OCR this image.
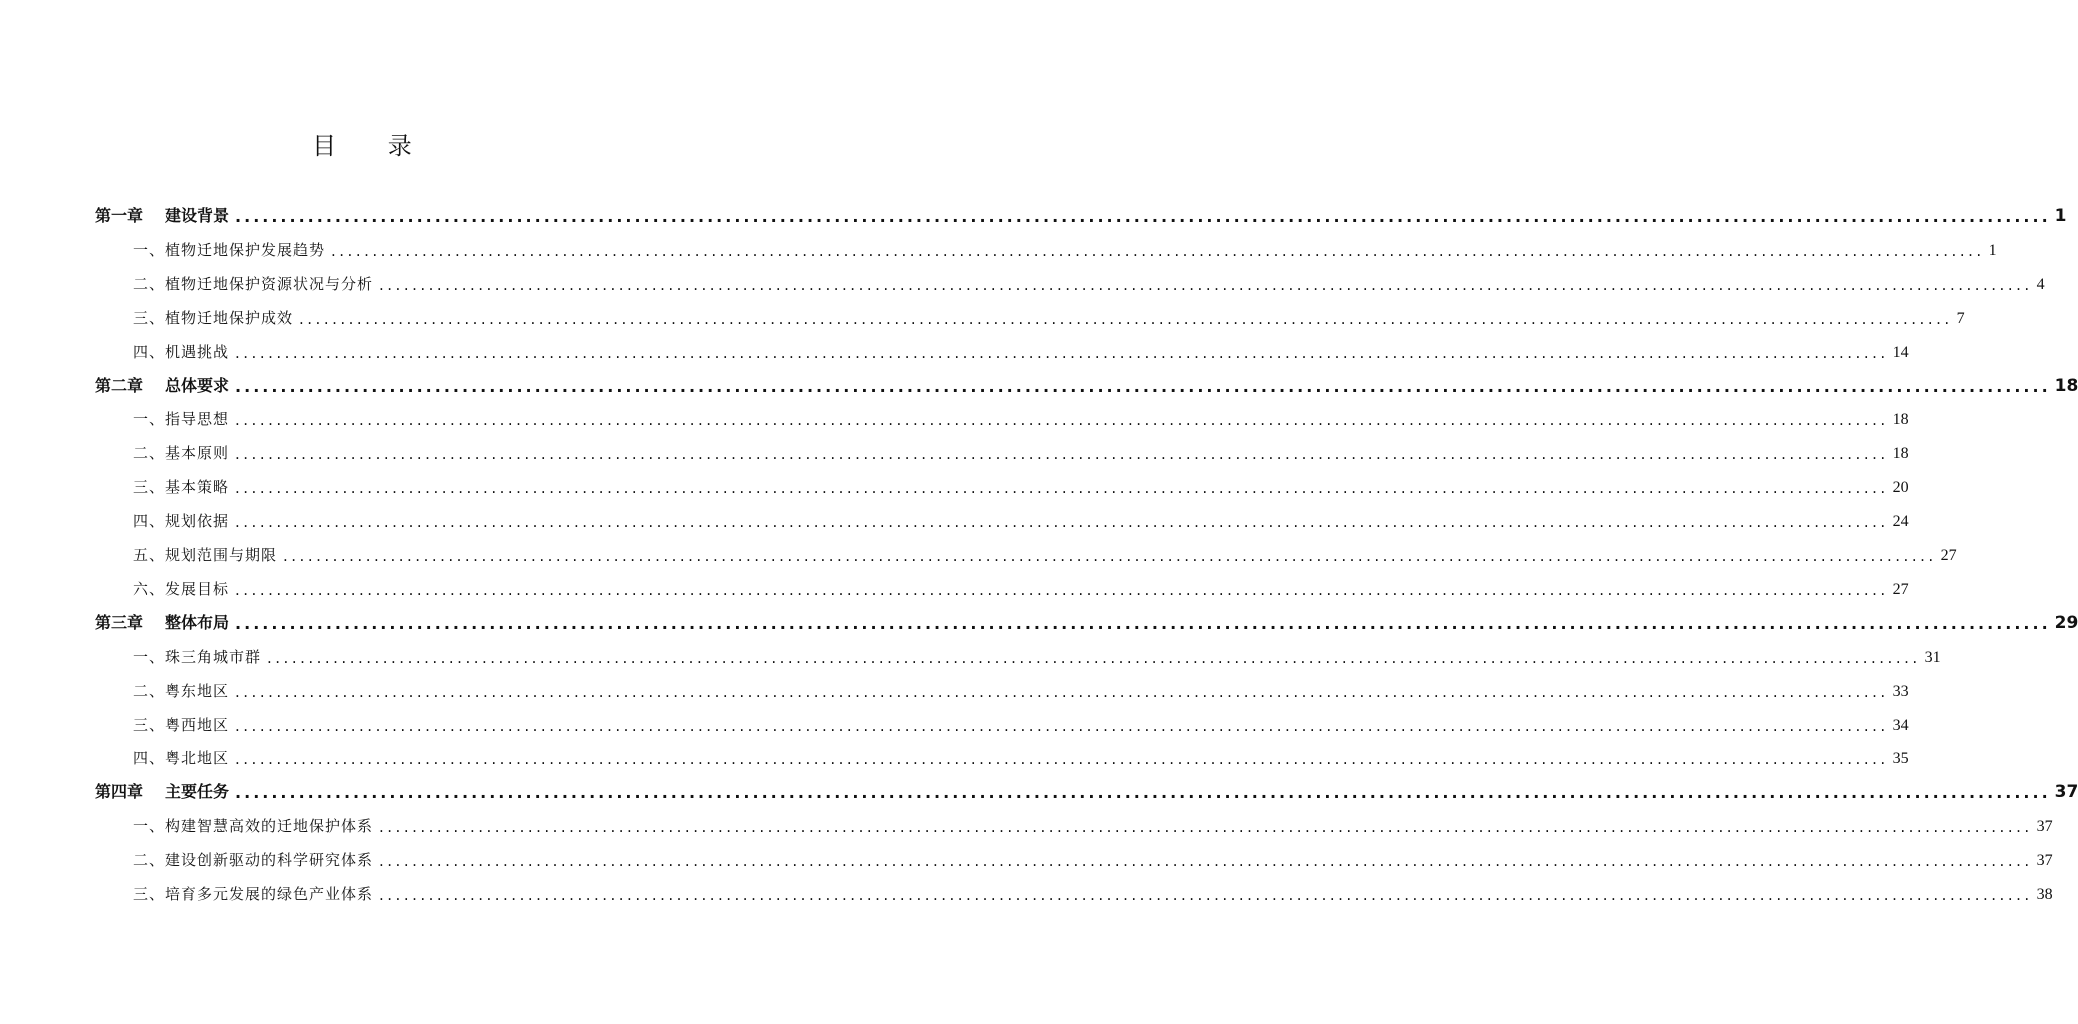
目 录
第一章 建设背景 ........................................................................................................................................................................................................ 1
一、植物迁地保护发展趋势 ........................................................................................................................................................................................................ 1
二、植物迁地保护资源状况与分析 ........................................................................................................................................................................................................ 4
三、植物迁地保护成效 ........................................................................................................................................................................................................ 7
四、机遇挑战 ........................................................................................................................................................................................................ 14
第二章 总体要求 ........................................................................................................................................................................................................ 18
一、指导思想 ........................................................................................................................................................................................................ 18
二、基本原则 ........................................................................................................................................................................................................ 18
三、基本策略 ........................................................................................................................................................................................................ 20
四、规划依据 ........................................................................................................................................................................................................ 24
五、规划范围与期限 ........................................................................................................................................................................................................ 27
六、发展目标 ........................................................................................................................................................................................................ 27
第三章 整体布局 ........................................................................................................................................................................................................ 29
一、珠三角城市群 ........................................................................................................................................................................................................ 31
二、粤东地区 ........................................................................................................................................................................................................ 33
三、粤西地区 ........................................................................................................................................................................................................ 34
四、粤北地区 ........................................................................................................................................................................................................ 35
第四章 主要任务 ........................................................................................................................................................................................................ 37
一、构建智慧高效的迁地保护体系 ........................................................................................................................................................................................................ 37
二、建设创新驱动的科学研究体系 ........................................................................................................................................................................................................ 37
三、培育多元发展的绿色产业体系 ........................................................................................................................................................................................................ 38
